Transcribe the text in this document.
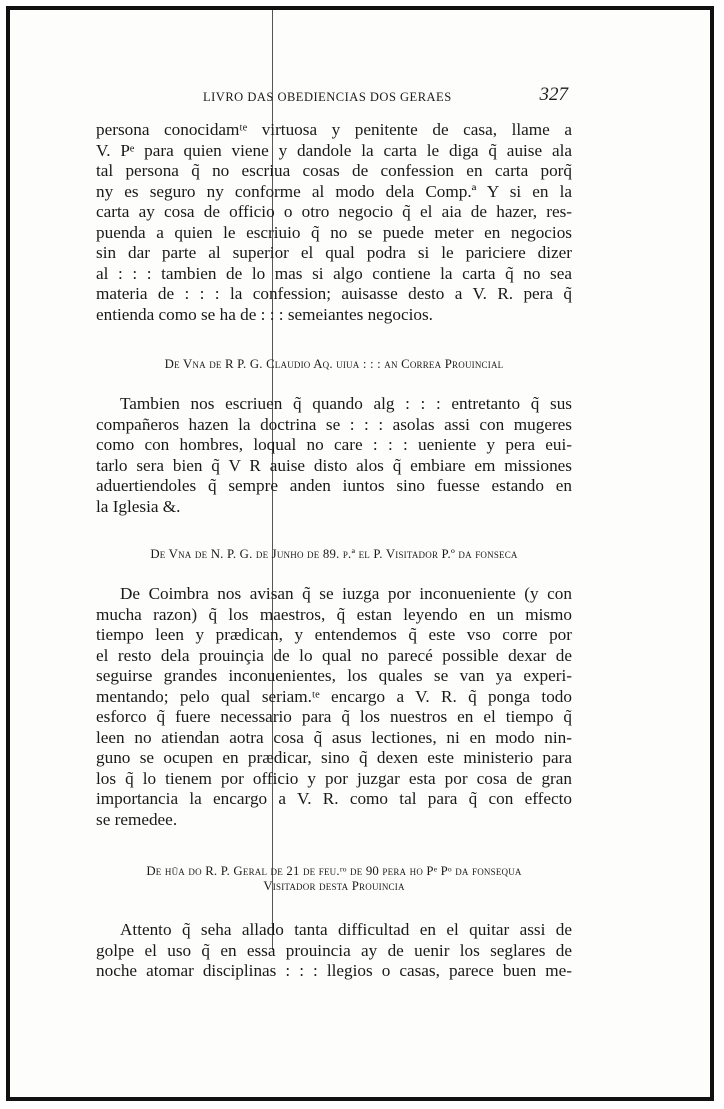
LIVRO DAS OBEDIENCIAS DOS GERAES	327
persona conocidamᵗᵉ virtuosa y penitente de casa, llame a
V. Pᵉ para quien viene y dandole la carta le diga q̃ auise ala
tal persona q̃ no escriua cosas de confession en carta porq̃
ny es seguro ny conforme al modo dela Comp.ª Y si en la
carta ay cosa de officio o otro negocio q̃ el aia de hazer, res-
puenda a quien le escriuio q̃ no se puede meter en negocios
sin dar parte al superior el qual podra si le pariciere dizer
al : : : tambien de lo mas si algo contiene la carta q̃ no sea
materia de : : : la confession; auisasse desto a V. R. pera q̃
entienda como se ha de : : : semeiantes negocios.

De Vna de R P. G. Claudio Aq. uiua : : : an Correa Prouincial

Tambien nos escriuen q̃ quando alg : : : entretanto q̃ sus
compañeros hazen la doctrina se : : : asolas assi con mugeres
como con hombres, loqual no care : : : ueniente y pera eui-
tarlo sera bien q̃ V R auise disto alos q̃ embiare em missiones
aduertiendoles q̃ sempre anden iuntos sino fuesse estando en
la Iglesia &.

De Vna de N. P. G. de Junho de 89. p.ª el P. Visitador P.º da fonseca

De Coimbra nos avisan q̃ se iuzga por inconueniente (y con
mucha razon) q̃ los maestros, q̃ estan leyendo en un mismo
tiempo leen y prædican, y entendemos q̃ este vso corre por
el resto dela prouinçia de lo qual no parecé possible dexar de
seguirse grandes inconuenientes, los quales se van ya experi-
mentando; pelo qual seriam.ᵗᵉ encargo a V. R. q̃ ponga todo
esforco q̃ fuere necessario para q̃ los nuestros en el tiempo q̃
leen no atiendan aotra cosa q̃ asus lectiones, ni en modo nin-
guno se ocupen en prædicar, sino q̃ dexen este ministerio para
los q̃ lo tienem por officio y por juzgar esta por cosa de gran
importancia la encargo a V. R. como tal para q̃ con effecto
se remedee.

De hũa do R. P. Geral de 21 de feu.ʳᵒ de 90 pera ho Pᵉ Pᵒ da fonsequa
Visitador desta Prouincia

Attento q̃ seha allado tanta difficultad en el quitar assi de
golpe el uso q̃ en essa prouincia ay de uenir los seglares de
noche atomar disciplinas : : : llegios o casas, parece buen me-
